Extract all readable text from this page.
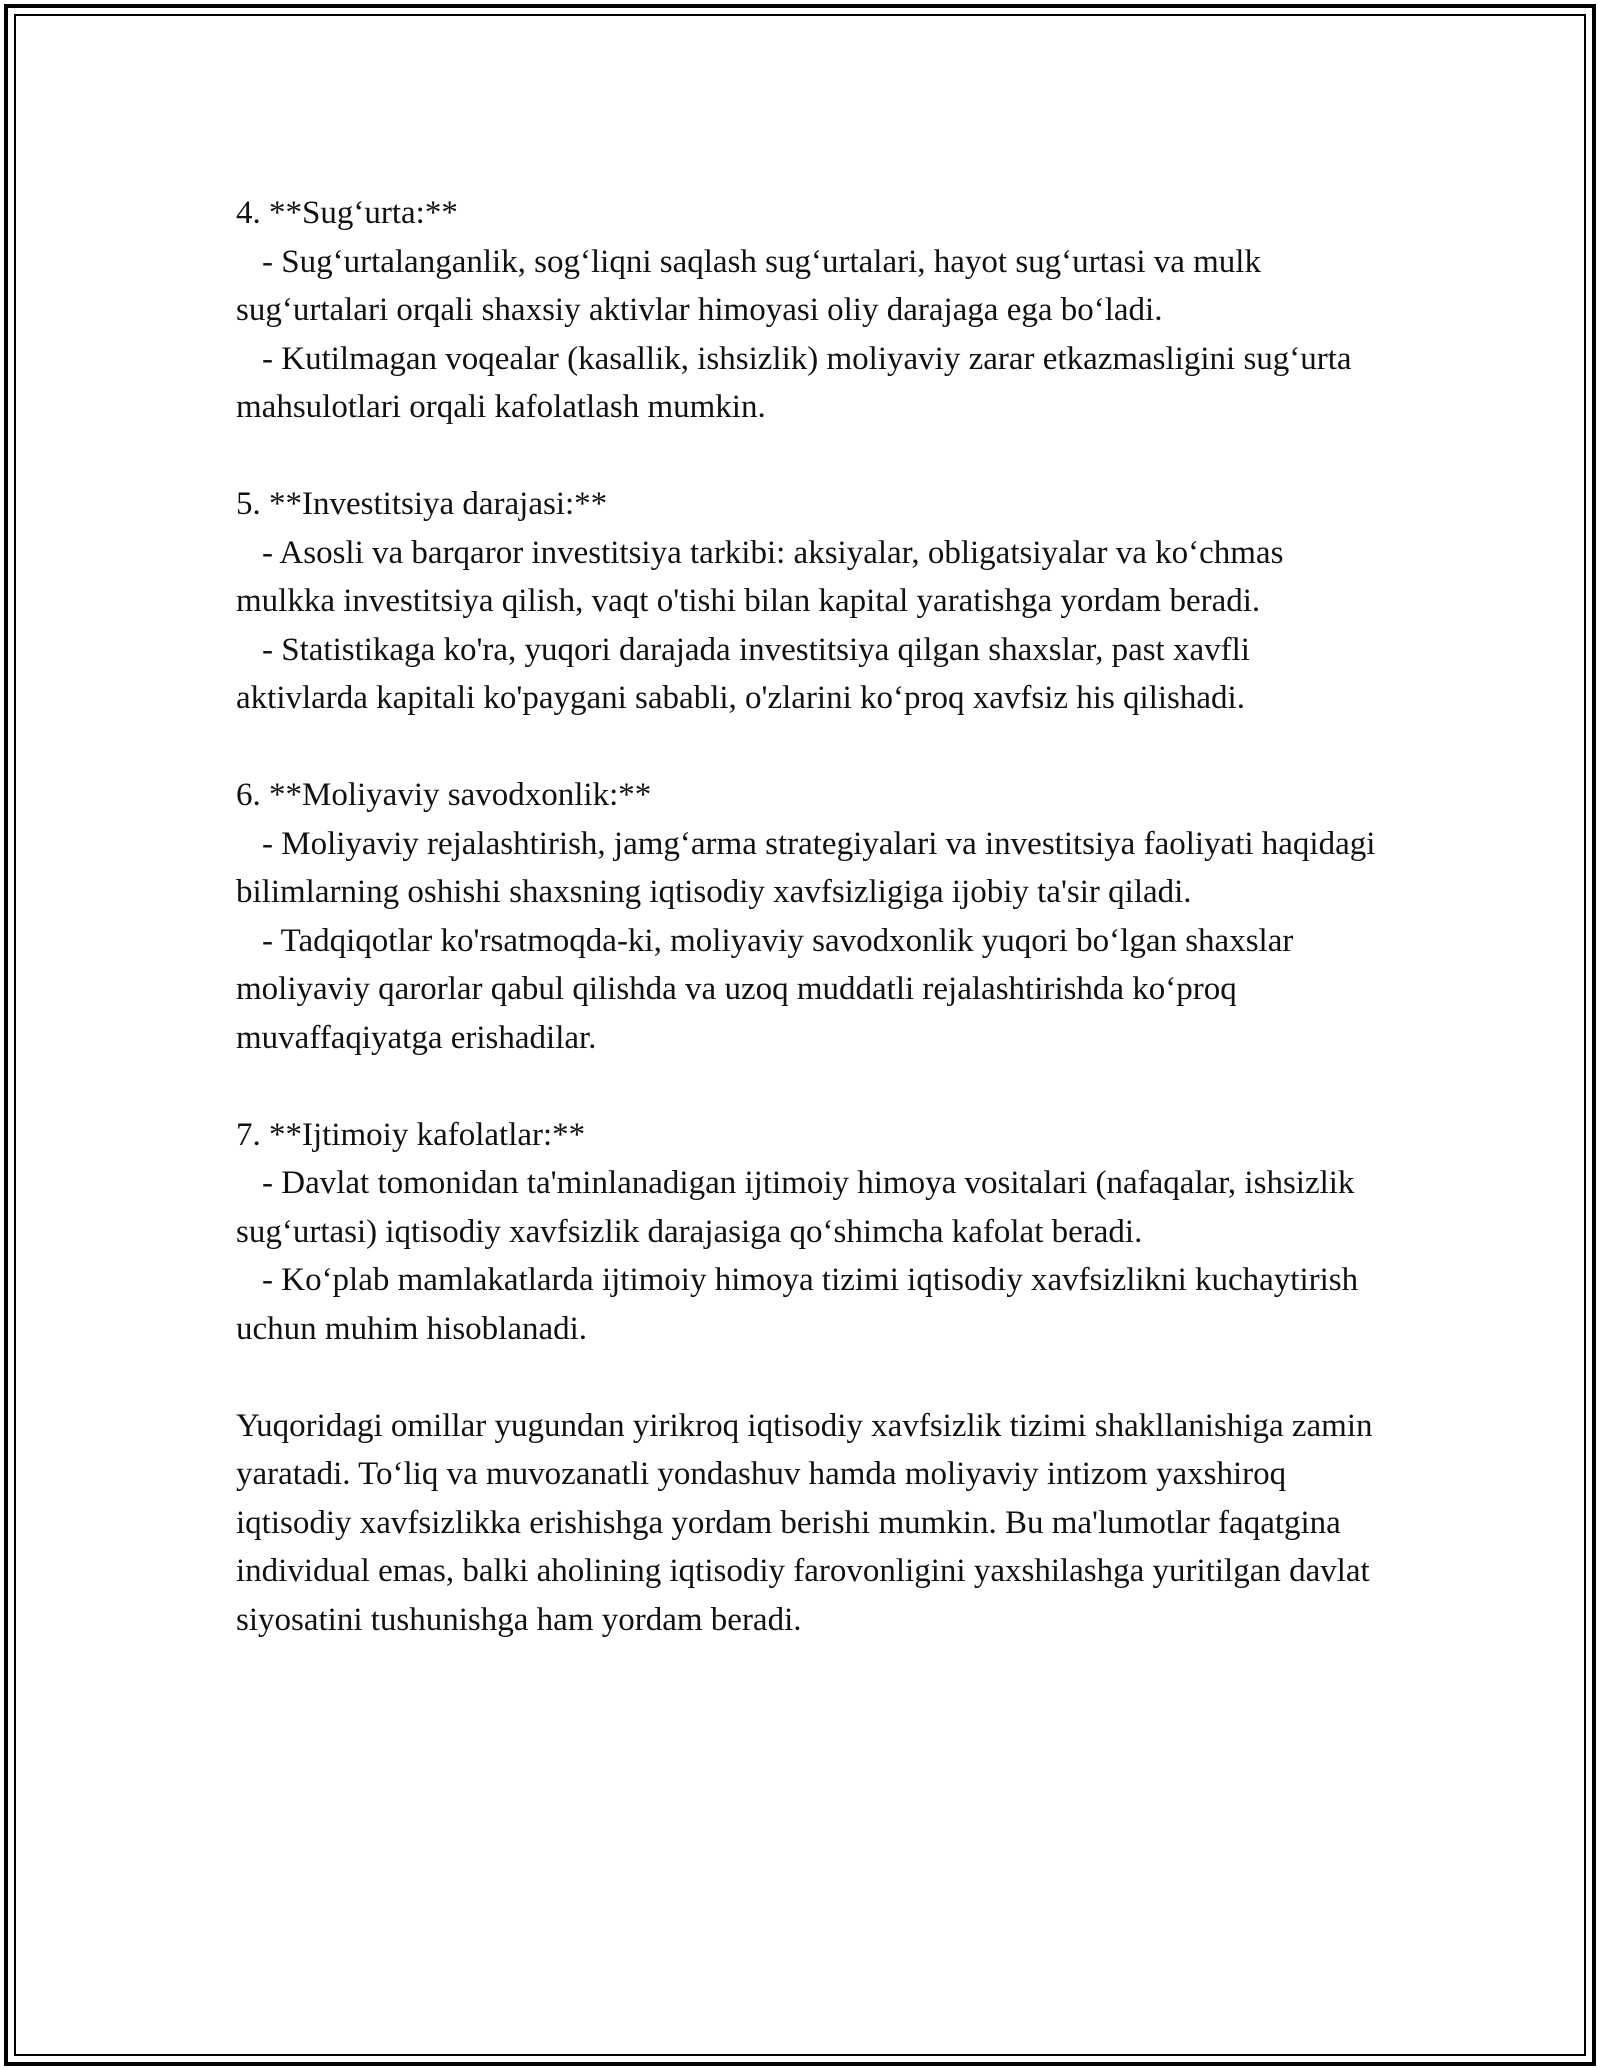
4. **Sug‘urta:**

- Sug‘urtalanganlik, sog‘liqni saqlash sug‘urtalari, hayot sug‘urtasi va mulk sug‘urtalari orqali shaxsiy aktivlar himoyasi oliy darajaga ega bo‘ladi.

- Kutilmagan voqealar (kasallik, ishsizlik) moliyaviy zarar etkazmasligini sug‘urta mahsulotlari orqali kafolatlash mumkin.

5. **Investitsiya darajasi:**

- Asosli va barqaror investitsiya tarkibi: aksiyalar, obligatsiyalar va ko‘chmas mulkka investitsiya qilish, vaqt o'tishi bilan kapital yaratishga yordam beradi.

- Statistikaga ko'ra, yuqori darajada investitsiya qilgan shaxslar, past xavfli aktivlarda kapitali ko'paygani sababli, o'zlarini ko‘proq xavfsiz his qilishadi.

6. **Moliyaviy savodxonlik:**

- Moliyaviy rejalashtirish, jamg‘arma strategiyalari va investitsiya faoliyati haqidagi bilimlarning oshishi shaxsning iqtisodiy xavfsizligiga ijobiy ta'sir qiladi.

- Tadqiqotlar ko'rsatmoqda-ki, moliyaviy savodxonlik yuqori bo‘lgan shaxslar moliyaviy qarorlar qabul qilishda va uzoq muddatli rejalashtirishda ko‘proq muvaffaqiyatga erishadilar.

7. **Ijtimoiy kafolatlar:**

- Davlat tomonidan ta'minlanadigan ijtimoiy himoya vositalari (nafaqalar, ishsizlik sug‘urtasi) iqtisodiy xavfsizlik darajasiga qo‘shimcha kafolat beradi.

- Ko‘plab mamlakatlarda ijtimoiy himoya tizimi iqtisodiy xavfsizlikni kuchaytirish uchun muhim hisoblanadi.

Yuqoridagi omillar yugundan yirikroq iqtisodiy xavfsizlik tizimi shakllanishiga zamin yaratadi. To‘liq va muvozanatli yondashuv hamda moliyaviy intizom yaxshiroq iqtisodiy xavfsizlikka erishishga yordam berishi mumkin. Bu ma'lumotlar faqatgina individual emas, balki aholining iqtisodiy farovonligini yaxshilashga yuritilgan davlat siyosatini tushunishga ham yordam beradi.
